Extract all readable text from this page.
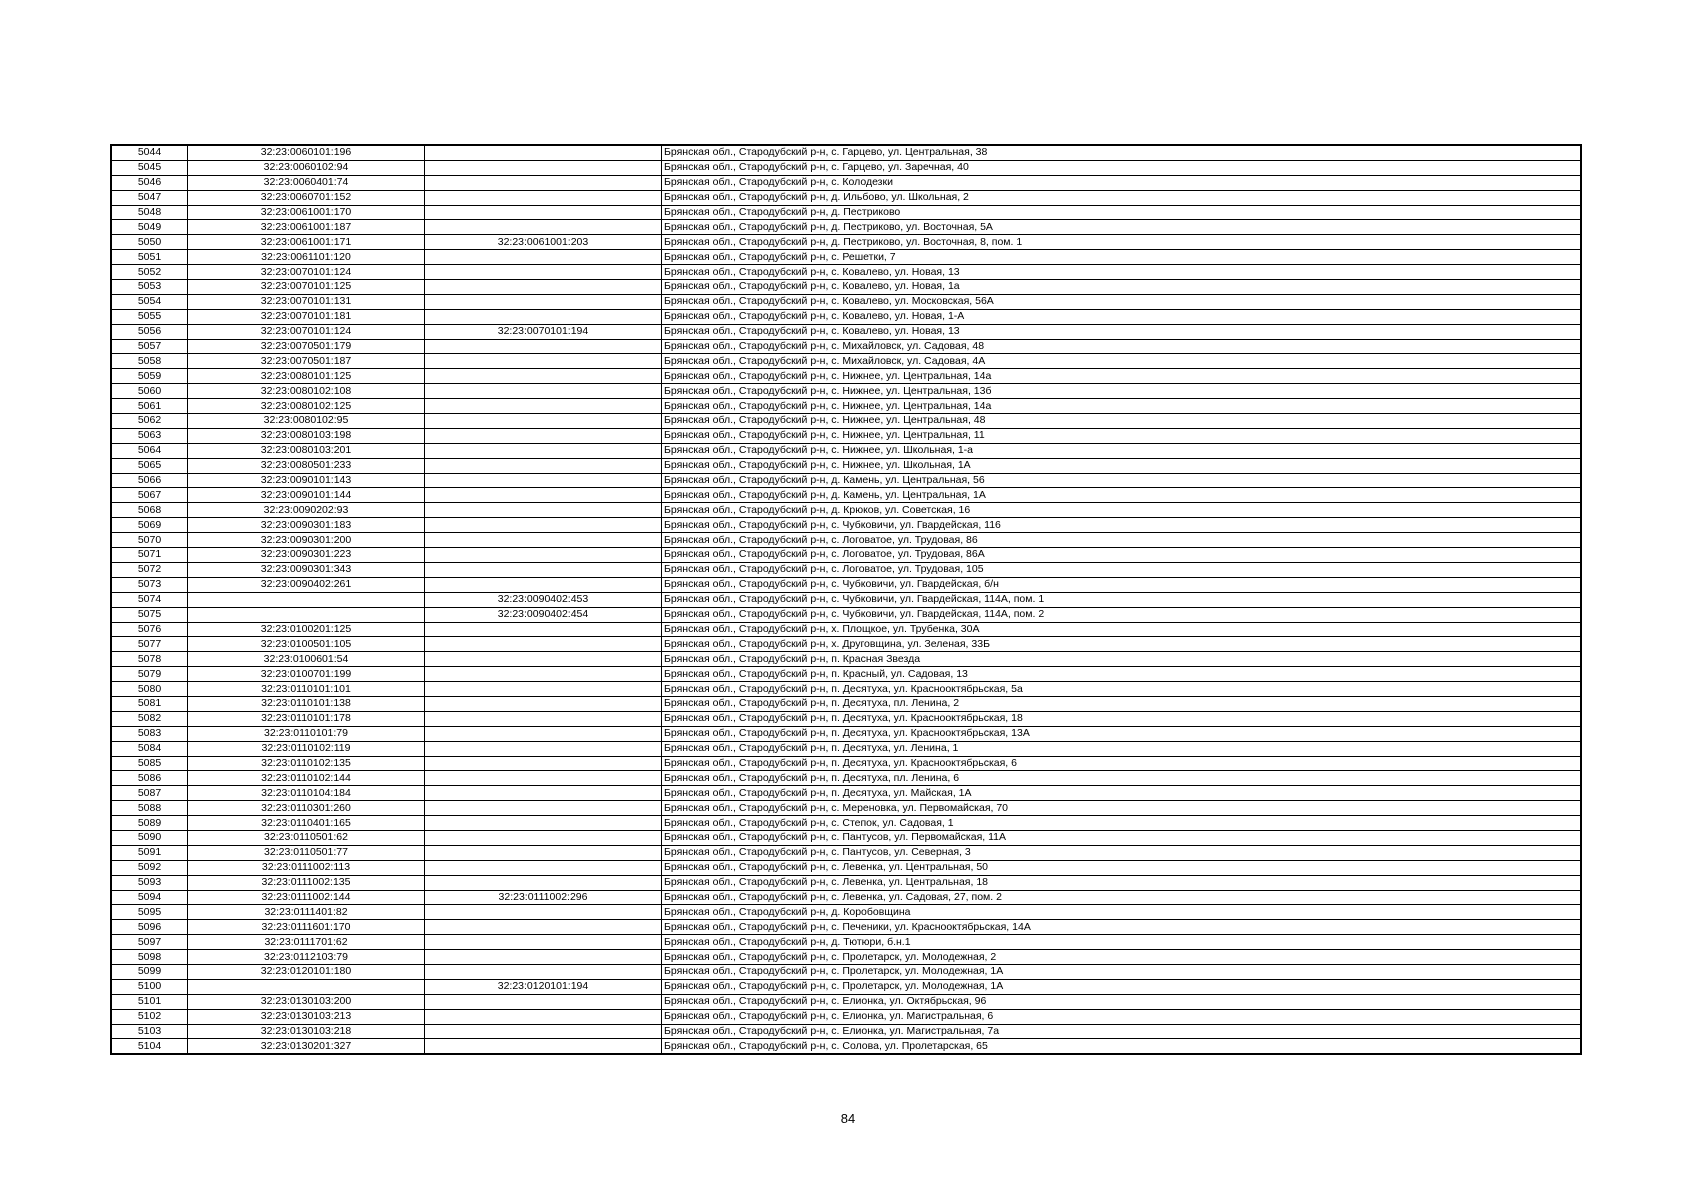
5044	32:23:0060101:196		Брянская обл., Стародубский р-н, с. Гарцево, ул. Центральная, 38
5045	32:23:0060102:94		Брянская обл., Стародубский р-н, с. Гарцево, ул. Заречная, 40
5046	32:23:0060401:74		Брянская обл., Стародубский р-н, с. Колодезки
5047	32:23:0060701:152		Брянская обл., Стародубский р-н, д. Ильбово, ул. Школьная, 2
5048	32:23:0061001:170		Брянская обл., Стародубский р-н, д. Пестриково
5049	32:23:0061001:187		Брянская обл., Стародубский р-н, д. Пестриково, ул. Восточная, 5А
5050	32:23:0061001:171	32:23:0061001:203	Брянская обл., Стародубский р-н, д. Пестриково, ул. Восточная, 8, пом. 1
5051	32:23:0061101:120		Брянская обл., Стародубский р-н, с. Решетки, 7
5052	32:23:0070101:124		Брянская обл., Стародубский р-н, с. Ковалево, ул. Новая, 13
5053	32:23:0070101:125		Брянская обл., Стародубский р-н, с. Ковалево, ул. Новая, 1а
5054	32:23:0070101:131		Брянская обл., Стародубский р-н, с. Ковалево, ул. Московская, 56А
5055	32:23:0070101:181		Брянская обл., Стародубский р-н, с. Ковалево, ул. Новая, 1-А
5056	32:23:0070101:124	32:23:0070101:194	Брянская обл., Стародубский р-н, с. Ковалево, ул. Новая, 13
5057	32:23:0070501:179		Брянская обл., Стародубский р-н, с. Михайловск, ул. Садовая, 48
5058	32:23:0070501:187		Брянская обл., Стародубский р-н, с. Михайловск, ул. Садовая, 4А
5059	32:23:0080101:125		Брянская обл., Стародубский р-н, с. Нижнее, ул. Центральная, 14а
5060	32:23:0080102:108		Брянская обл., Стародубский р-н, с. Нижнее, ул. Центральная, 13б
5061	32:23:0080102:125		Брянская обл., Стародубский р-н, с. Нижнее, ул. Центральная, 14а
5062	32:23:0080102:95		Брянская обл., Стародубский р-н, с. Нижнее, ул. Центральная, 48
5063	32:23:0080103:198		Брянская обл., Стародубский р-н, с. Нижнее, ул. Центральная, 11
5064	32:23:0080103:201		Брянская обл., Стародубский р-н, с. Нижнее, ул. Школьная, 1-а
5065	32:23:0080501:233		Брянская обл., Стародубский р-н, с. Нижнее, ул. Школьная, 1А
5066	32:23:0090101:143		Брянская обл., Стародубский р-н, д. Камень, ул. Центральная, 56
5067	32:23:0090101:144		Брянская обл., Стародубский р-н, д. Камень, ул. Центральная, 1А
5068	32:23:0090202:93		Брянская обл., Стародубский р-н, д. Крюков, ул. Советская, 16
5069	32:23:0090301:183		Брянская обл., Стародубский р-н, с. Чубковичи, ул. Гвардейская, 116
5070	32:23:0090301:200		Брянская обл., Стародубский р-н, с. Логоватое, ул. Трудовая, 86
5071	32:23:0090301:223		Брянская обл., Стародубский р-н, с. Логоватое, ул. Трудовая, 86А
5072	32:23:0090301:343		Брянская обл., Стародубский р-н, с. Логоватое, ул. Трудовая, 105
5073	32:23:0090402:261		Брянская обл., Стародубский р-н, с. Чубковичи, ул. Гвардейская, б/н
5074		32:23:0090402:453	Брянская обл., Стародубский р-н, с. Чубковичи, ул. Гвардейская, 114А, пом. 1
5075		32:23:0090402:454	Брянская обл., Стародубский р-н, с. Чубковичи, ул. Гвардейская, 114А, пом. 2
5076	32:23:0100201:125		Брянская обл., Стародубский р-н, х. Площкое, ул. Трубенка, 30А
5077	32:23:0100501:105		Брянская обл., Стародубский р-н, х. Друговщина, ул. Зеленая, 33Б
5078	32:23:0100601:54		Брянская обл., Стародубский р-н, п. Красная Звезда
5079	32:23:0100701:199		Брянская обл., Стародубский р-н, п. Красный, ул. Садовая, 13
5080	32:23:0110101:101		Брянская обл., Стародубский р-н, п. Десятуха, ул. Краснооктябрьская, 5а
5081	32:23:0110101:138		Брянская обл., Стародубский р-н, п. Десятуха, пл. Ленина, 2
5082	32:23:0110101:178		Брянская обл., Стародубский р-н, п. Десятуха, ул. Краснооктябрьская, 18
5083	32:23:0110101:79		Брянская обл., Стародубский р-н, п. Десятуха, ул. Краснооктябрьская, 13А
5084	32:23:0110102:119		Брянская обл., Стародубский р-н, п. Десятуха, ул. Ленина, 1
5085	32:23:0110102:135		Брянская обл., Стародубский р-н, п. Десятуха, ул. Краснооктябрьская, 6
5086	32:23:0110102:144		Брянская обл., Стародубский р-н, п. Десятуха, пл. Ленина, 6
5087	32:23:0110104:184		Брянская обл., Стародубский р-н, п. Десятуха, ул. Майская, 1А
5088	32:23:0110301:260		Брянская обл., Стародубский р-н, с. Мереновка, ул. Первомайская, 70
5089	32:23:0110401:165		Брянская обл., Стародубский р-н, с. Степок, ул. Садовая, 1
5090	32:23:0110501:62		Брянская обл., Стародубский р-н, с. Пантусов, ул. Первомайская, 11А
5091	32:23:0110501:77		Брянская обл., Стародубский р-н, с. Пантусов, ул. Северная, 3
5092	32:23:0111002:113		Брянская обл., Стародубский р-н, с. Левенка, ул. Центральная, 50
5093	32:23:0111002:135		Брянская обл., Стародубский р-н, с. Левенка, ул. Центральная, 18
5094	32:23:0111002:144	32:23:0111002:296	Брянская обл., Стародубский р-н, с. Левенка, ул. Садовая, 27, пом. 2
5095	32:23:0111401:82		Брянская обл., Стародубский р-н, д. Коробовщина
5096	32:23:0111601:170		Брянская обл., Стародубский р-н, с. Печеники, ул. Краснооктябрьская, 14А
5097	32:23:0111701:62		Брянская обл., Стародубский р-н, д. Тютюри, б.н.1
5098	32:23:0112103:79		Брянская обл., Стародубский р-н, с. Пролетарск, ул. Молодежная, 2
5099	32:23:0120101:180		Брянская обл., Стародубский р-н, с. Пролетарск, ул. Молодежная, 1А
5100		32:23:0120101:194	Брянская обл., Стародубский р-н, с. Пролетарск, ул. Молодежная, 1А
5101	32:23:0130103:200		Брянская обл., Стародубский р-н, с. Елионка, ул. Октябрьская, 96
5102	32:23:0130103:213		Брянская обл., Стародубский р-н, с. Елионка, ул. Магистральная, 6
5103	32:23:0130103:218		Брянская обл., Стародубский р-н, с. Елионка, ул. Магистральная, 7а
5104	32:23:0130201:327		Брянская обл., Стародубский р-н, с. Солова, ул. Пролетарская, 65
84
